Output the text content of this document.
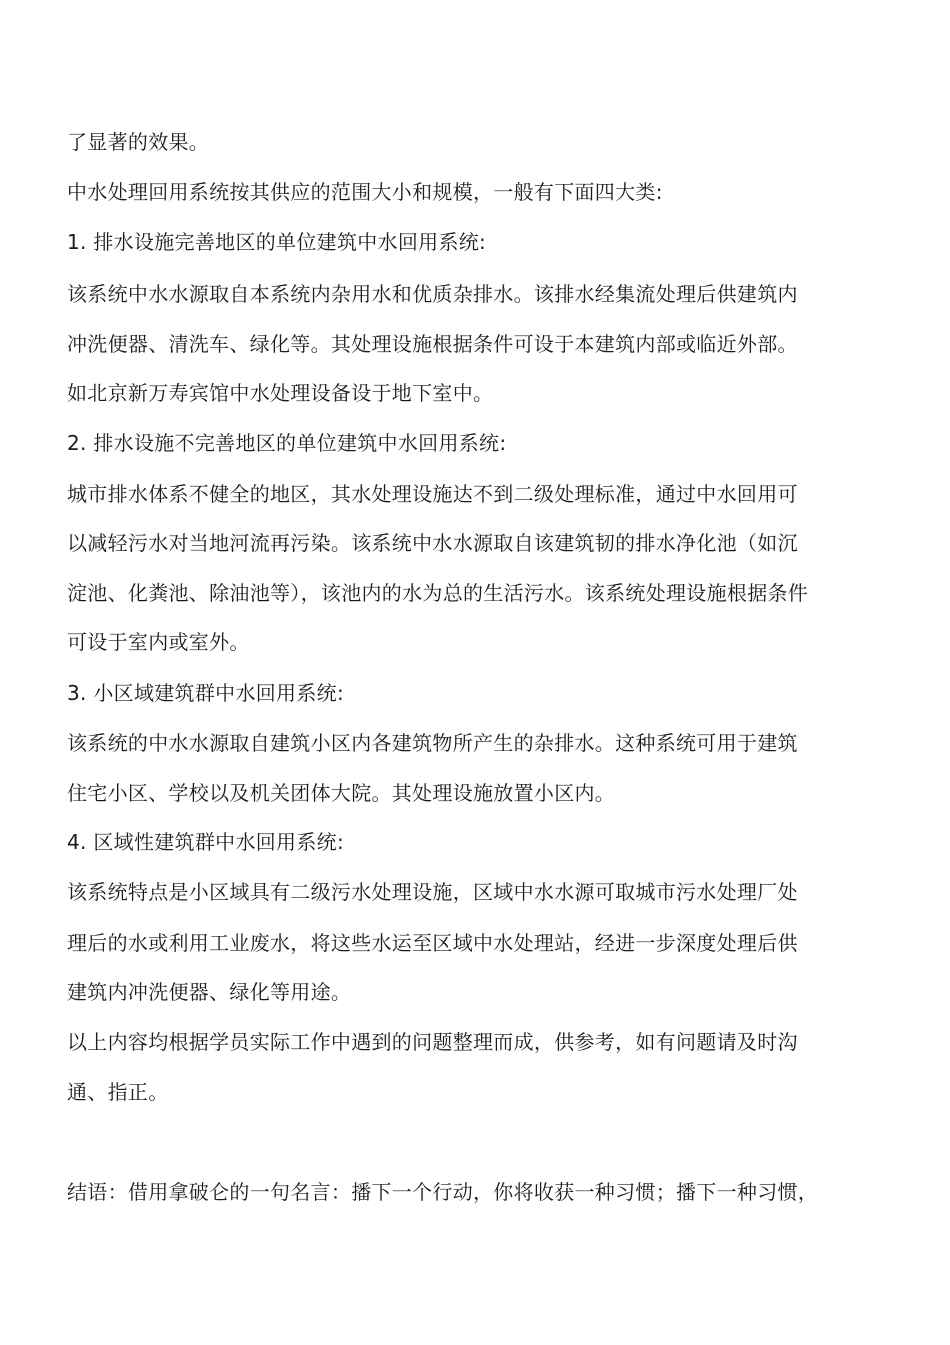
了显著的效果。

中水处理回用系统按其供应的范围大小和规模，一般有下面四大类:

1. 排水设施完善地区的单位建筑中水回用系统:

该系统中水水源取自本系统内杂用水和优质杂排水。该排水经集流处理后供建筑内

冲洗便器、清洗车、绿化等。其处理设施根据条件可设于本建筑内部或临近外部。

如北京新万寿宾馆中水处理设备设于地下室中。

2. 排水设施不完善地区的单位建筑中水回用系统:

城市排水体系不健全的地区，其水处理设施达不到二级处理标准，通过中水回用可

以减轻污水对当地河流再污染。该系统中水水源取自该建筑韧的排水净化池（如沉

淀池、化粪池、除油池等），该池内的水为总的生活污水。该系统处理设施根据条件

可设于室内或室外。

3. 小区域建筑群中水回用系统:

该系统的中水水源取自建筑小区内各建筑物所产生的杂排水。这种系统可用于建筑

住宅小区、学校以及机关团体大院。其处理设施放置小区内。

4. 区域性建筑群中水回用系统:

该系统特点是小区域具有二级污水处理设施，区域中水水源可取城市污水处理厂处

理后的水或利用工业废水，将这些水运至区域中水处理站，经进一步深度处理后供

建筑内冲洗便器、绿化等用途。

以上内容均根据学员实际工作中遇到的问题整理而成，供参考，如有问题请及时沟

通、指正。

结语：借用拿破仑的一句名言：播下一个行动，你将收获一种习惯；播下一种习惯，
